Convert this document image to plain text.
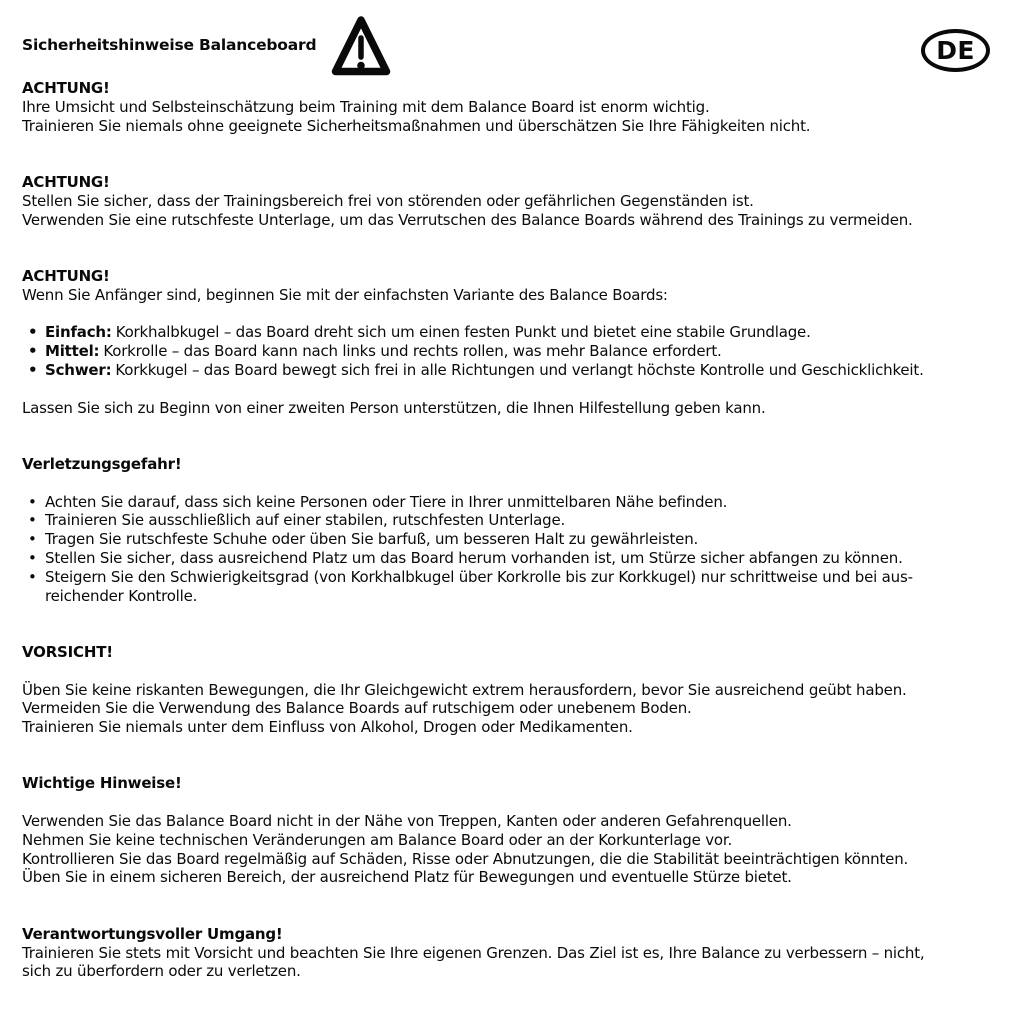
Sicherheitshinweise Balanceboard	DE
ACHTUNG!
Ihre Umsicht und Selbsteinschätzung beim Training mit dem Balance Board ist enorm wichtig.
Trainieren Sie niemals ohne geeignete Sicherheitsmaßnahmen und überschätzen Sie Ihre Fähigkeiten nicht.
ACHTUNG!
Stellen Sie sicher, dass der Trainingsbereich frei von störenden oder gefährlichen Gegenständen ist.
Verwenden Sie eine rutschfeste Unterlage, um das Verrutschen des Balance Boards während des Trainings zu vermeiden.
ACHTUNG!
Wenn Sie Anfänger sind, beginnen Sie mit der einfachsten Variante des Balance Boards:
• Einfach: Korkhalbkugel – das Board dreht sich um einen festen Punkt und bietet eine stabile Grundlage.
• Mittel: Korkrolle – das Board kann nach links und rechts rollen, was mehr Balance erfordert.
• Schwer: Korkkugel – das Board bewegt sich frei in alle Richtungen und verlangt höchste Kontrolle und Geschicklichkeit.
Lassen Sie sich zu Beginn von einer zweiten Person unterstützen, die Ihnen Hilfestellung geben kann.
Verletzungsgefahr!
• Achten Sie darauf, dass sich keine Personen oder Tiere in Ihrer unmittelbaren Nähe befinden.
• Trainieren Sie ausschließlich auf einer stabilen, rutschfesten Unterlage.
• Tragen Sie rutschfeste Schuhe oder üben Sie barfuß, um besseren Halt zu gewährleisten.
• Stellen Sie sicher, dass ausreichend Platz um das Board herum vorhanden ist, um Stürze sicher abfangen zu können.
• Steigern Sie den Schwierigkeitsgrad (von Korkhalbkugel über Korkrolle bis zur Korkkugel) nur schrittweise und bei aus-
reichender Kontrolle.
VORSICHT!
Üben Sie keine riskanten Bewegungen, die Ihr Gleichgewicht extrem herausfordern, bevor Sie ausreichend geübt haben.
Vermeiden Sie die Verwendung des Balance Boards auf rutschigem oder unebenem Boden.
Trainieren Sie niemals unter dem Einfluss von Alkohol, Drogen oder Medikamenten.
Wichtige Hinweise!
Verwenden Sie das Balance Board nicht in der Nähe von Treppen, Kanten oder anderen Gefahrenquellen.
Nehmen Sie keine technischen Veränderungen am Balance Board oder an der Korkunterlage vor.
Kontrollieren Sie das Board regelmäßig auf Schäden, Risse oder Abnutzungen, die die Stabilität beeinträchtigen könnten.
Üben Sie in einem sicheren Bereich, der ausreichend Platz für Bewegungen und eventuelle Stürze bietet.
Verantwortungsvoller Umgang!
Trainieren Sie stets mit Vorsicht und beachten Sie Ihre eigenen Grenzen. Das Ziel ist es, Ihre Balance zu verbessern – nicht,
sich zu überfordern oder zu verletzen.
